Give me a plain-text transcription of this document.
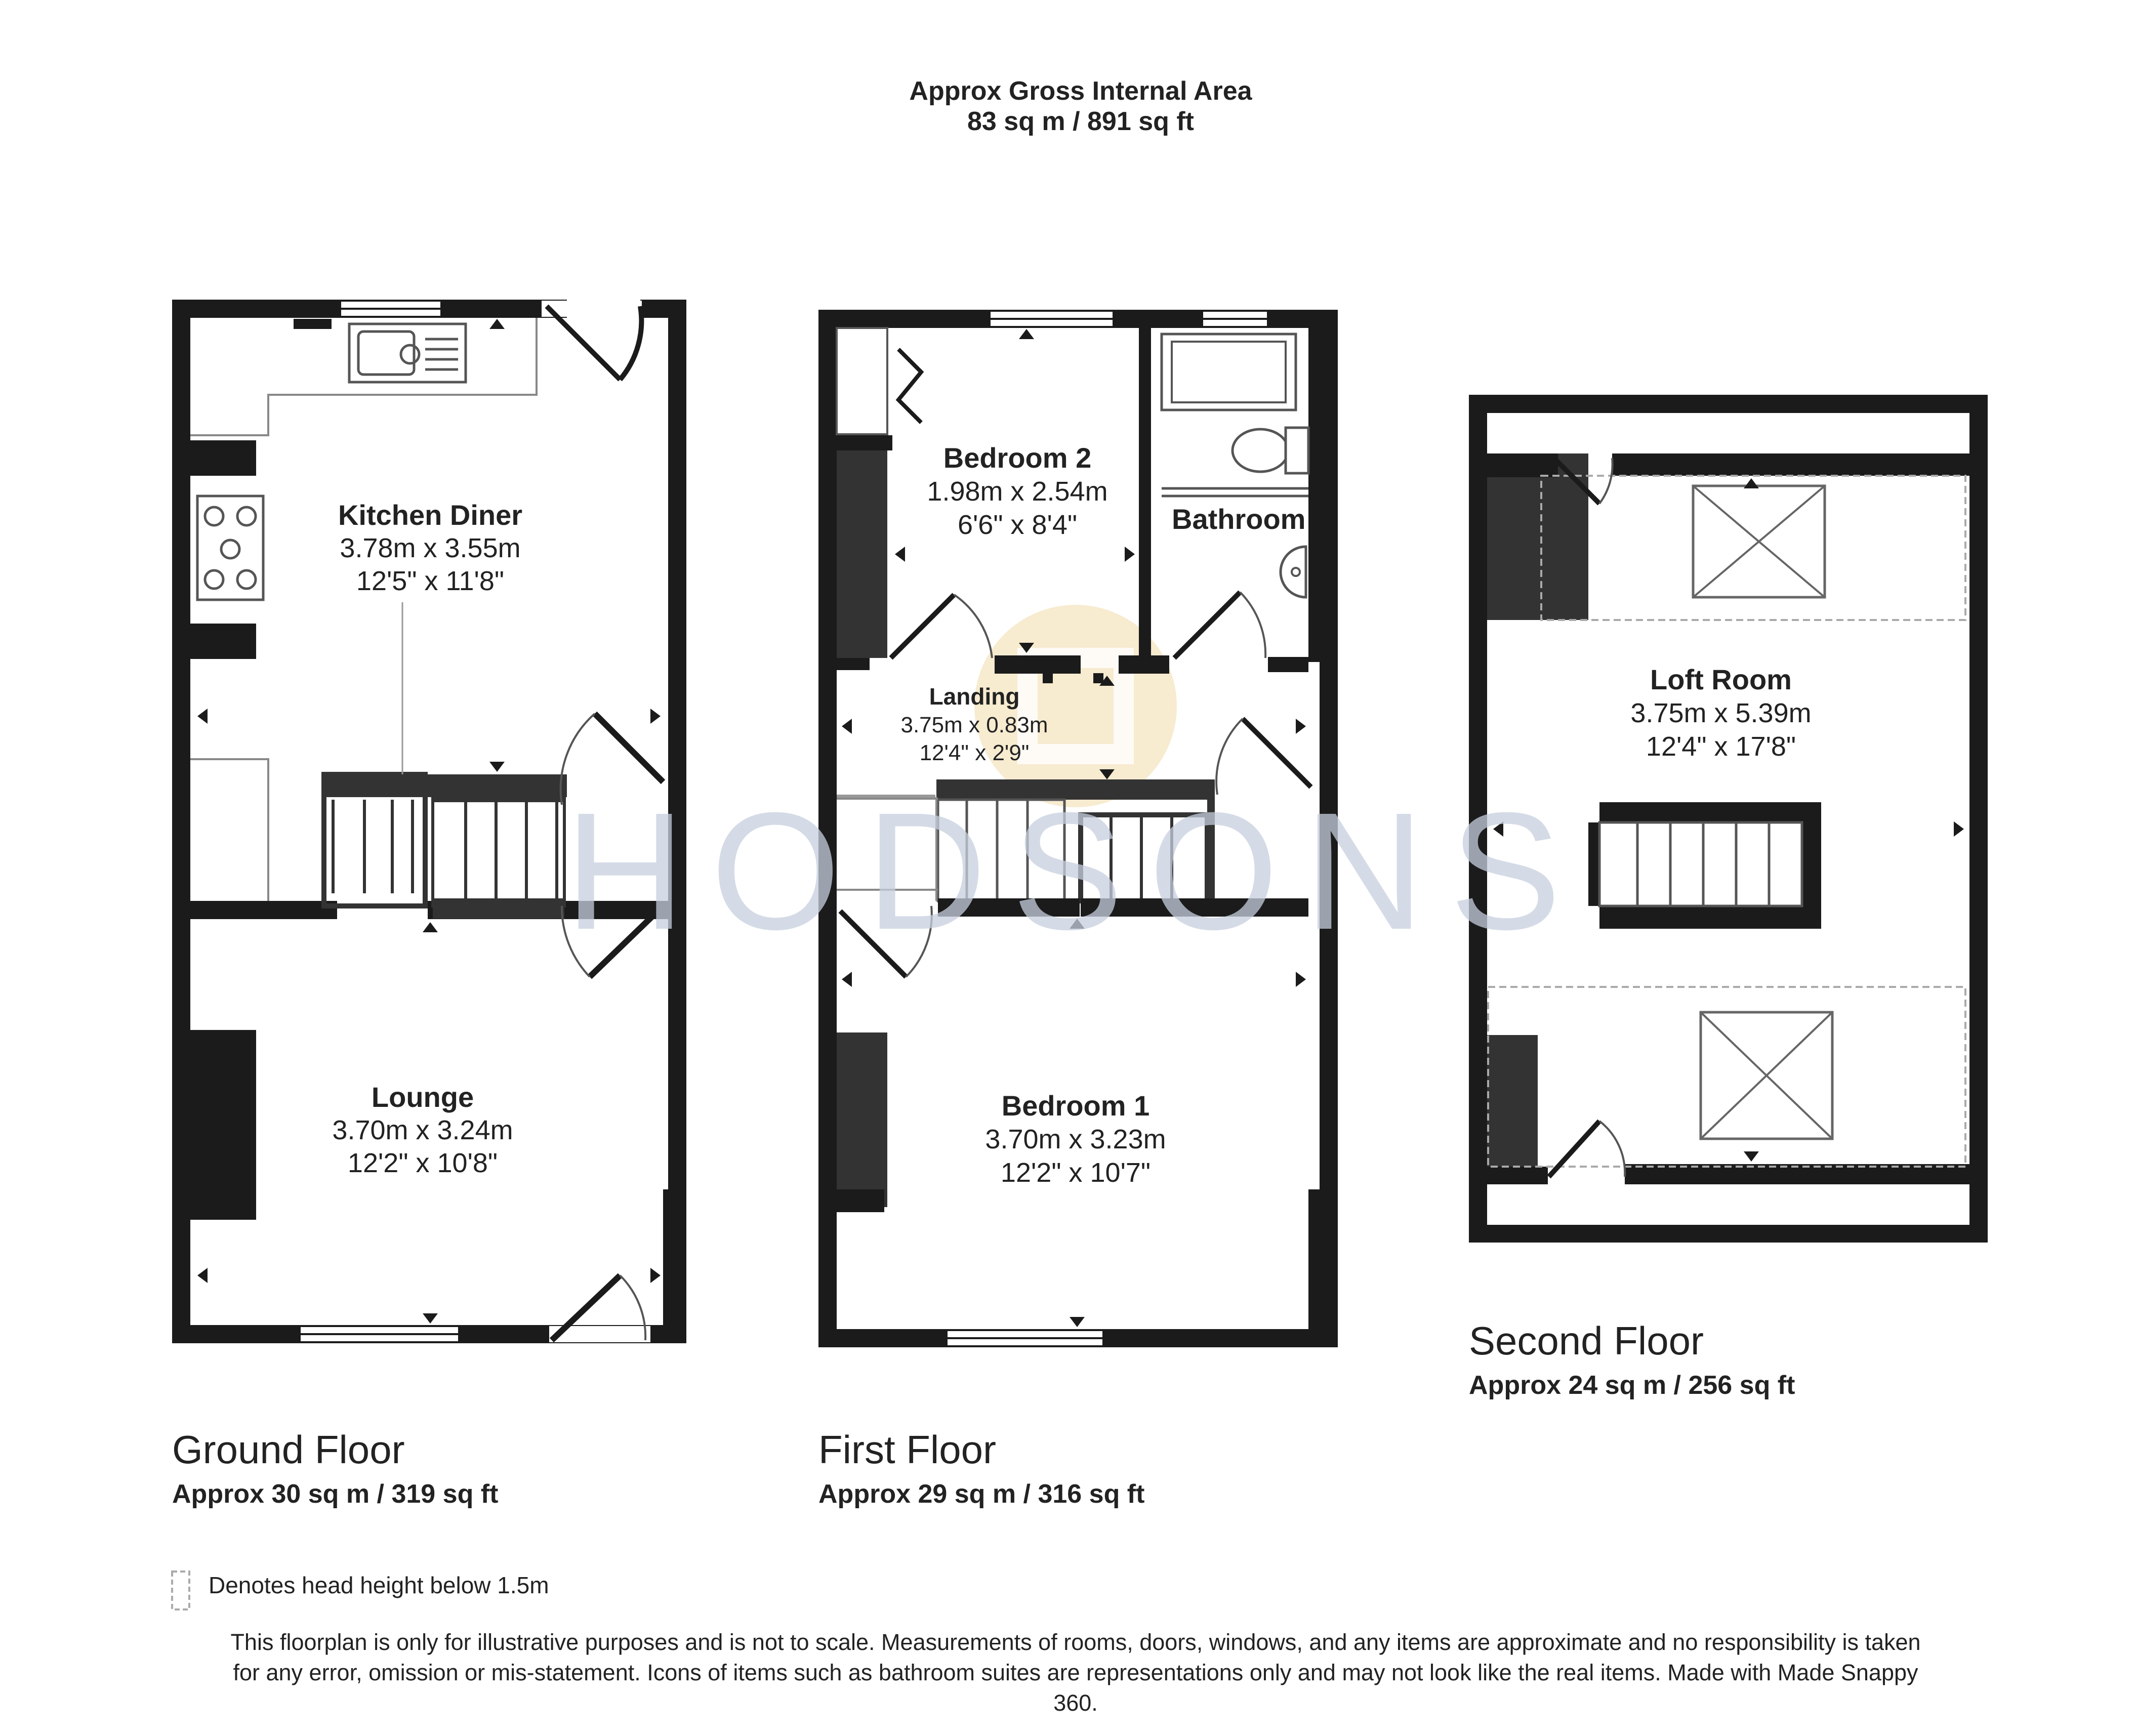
HODSONS
Approx Gross Internal Area
83 sq m / 891 sq ft
Kitchen Diner
3.78m x 3.55m
12'5" x 11'8"
Lounge
3.70m x 3.24m
12'2" x 10'8"
Bedroom 2
1.98m x 2.54m
6'6" x 8'4"	Bathroom
Landing
3.75m x 0.83m
12'4" x 2'9"
Bedroom 1
3.70m x 3.23m
12'2" x 10'7"
Loft Room
3.75m x 5.39m
12'4" x 17'8"
Ground Floor
Approx 30 sq m / 319 sq ft
First Floor
Approx 29 sq m / 316 sq ft
Second Floor
Approx 24 sq m / 256 sq ft
Denotes head height below 1.5m
This floorplan is only for illustrative purposes and is not to scale. Measurements of rooms, doors, windows, and any items are approximate and no responsibility is taken for any error, omission or mis-statement. Icons of items such as bathroom suites are representations only and may not look like the real items. Made with Made Snappy 360.
